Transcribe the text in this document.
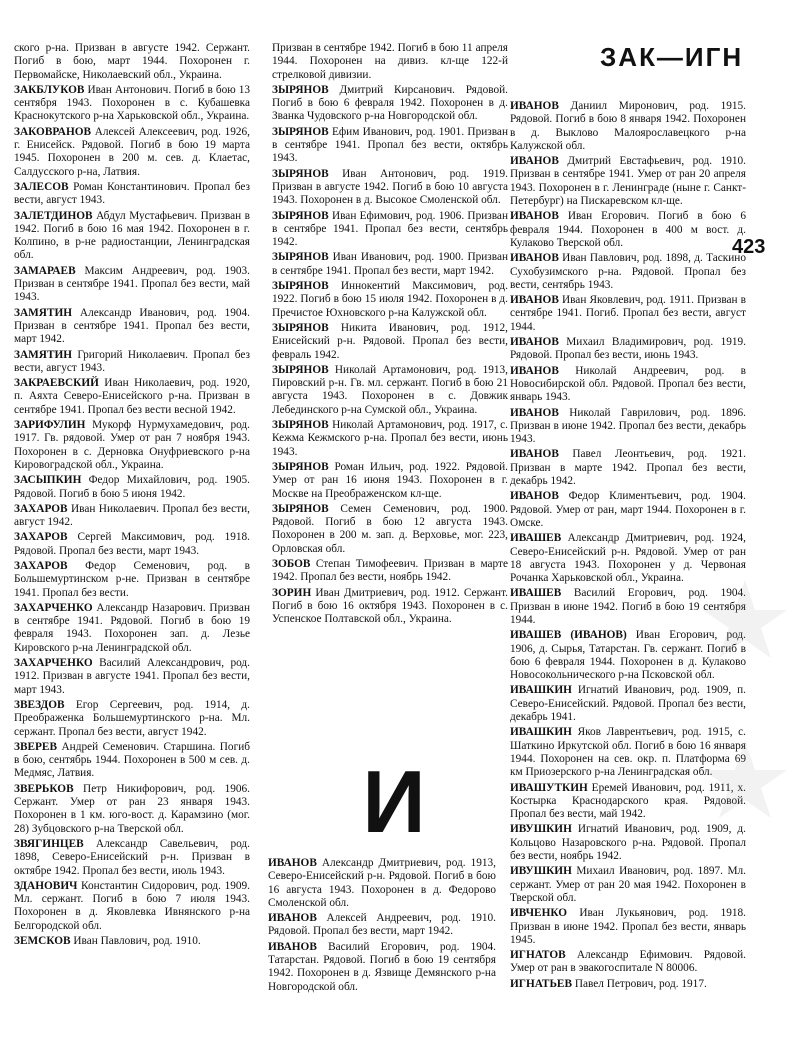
ЗАК—ИГН
423

ского р-на. Призван в августе 1942. Сержант. Погиб в бою, март 1944. Похоронен г. Первомайске, Николаевский обл., Украина.

ЗАКБЛУКОВ Иван Антонович. Погиб в бою 13 сентября 1943. Похоронен в с. Кубашевка Краснокутского р-на Харьковской обл., Украина.

ЗАКОВРАНОВ Алексей Алексеевич, род. 1926, г. Енисейск. Рядовой. Погиб в бою 19 марта 1945. Похоронен в 200 м. сев. д. Клаетас, Салдусского р-на, Латвия.

ЗАЛЕСОВ Роман Константинович. Пропал без вести, август 1943.

ЗАЛЕТДИНОВ Абдул Мустафьевич. Призван в 1942. Погиб в бою 16 мая 1942. Похоронен в г. Колпино, в р-не радиостанции, Ленинградская обл.

ЗАМАРАЕВ Максим Андреевич, род. 1903. Призван в сентябре 1941. Пропал без вести, май 1943.

ЗАМЯТИН Александр Иванович, род. 1904. Призван в сентябре 1941. Пропал без вести, март 1942.

ЗАМЯТИН Григорий Николаевич. Пропал без вести, август 1943.

ЗАКРАЕВСКИЙ Иван Николаевич, род. 1920, п. Аяхта Северо-Енисейского р-на. Призван в сентябре 1941. Пропал без вести весной 1942.

ЗАРИФУЛИН Мукорф Нурмухамедович, род. 1917. Гв. рядовой. Умер от ран 7 ноября 1943. Похоронен в с. Дерновка Онуфриевского р-на Кировоградской обл., Украина.

ЗАСЫПКИН Федор Михайлович, род. 1905. Рядовой. Погиб в бою 5 июня 1942.

ЗАХАРОВ Иван Николаевич. Пропал без вести, август 1942.

ЗАХАРОВ Сергей Максимович, род. 1918. Рядовой. Пропал без вести, март 1943.

ЗАХАРОВ Федор Семенович, род. в Большемуртинском р-не. Призван в сентябре 1941. Пропал без вести.

ЗАХАРЧЕНКО Александр Назарович. Призван в сентябре 1941. Рядовой. Погиб в бою 19 февраля 1943. Похоронен зап. д. Лезье Кировского р-на Ленинградской обл.

ЗАХАРЧЕНКО Василий Александрович, род. 1912. Призван в августе 1941. Пропал без вести, март 1943.

ЗВЕЗДОВ Егор Сергеевич, род. 1914, д. Преображенка Большемуртинского р-на. Мл. сержант. Пропал без вести, август 1942.

ЗВЕРЕВ Андрей Семенович. Старшина. Погиб в бою, сентябрь 1944. Похоронен в 500 м сев. д. Медмяс, Латвия.

ЗВЕРЬКОВ Петр Никифорович, род. 1906. Сержант. Умер от ран 23 января 1943. Похоронен в 1 км. юго-вост. д. Карамзино (мог. 28) Зубцовского р-на Тверской обл.

ЗВЯГИНЦЕВ Александр Савельевич, род. 1898, Северо-Енисейский р-н. Призван в октябре 1942. Пропал без вести, июль 1943.

ЗДАНОВИЧ Константин Сидорович, род. 1909. Мл. сержант. Погиб в бою 7 июля 1943. Похоронен в д. Яковлевка Ивнянского р-на Белгородской обл.

ЗЕМСКОВ Иван Павлович, род. 1910.

Призван в сентябре 1942. Погиб в бою 11 апреля 1944. Похоронен на дивиз. кл-ще 122-й стрелковой дивизии.

ЗЫРЯНОВ Дмитрий Кирсанович. Рядовой. Погиб в бою 6 февраля 1942. Похоронен в д. Званка Чудовского р-на Новгородской обл.

ЗЫРЯНОВ Ефим Иванович, род. 1901. Призван в сентябре 1941. Пропал без вести, октябрь 1943.

ЗЫРЯНОВ Иван Антонович, род. 1919. Призван в августе 1942. Погиб в бою 10 августа 1943. Похоронен в д. Высокое Смоленской обл.

ЗЫРЯНОВ Иван Ефимович, род. 1906. Призван в сентябре 1941. Пропал без вести, сентябрь 1942.

ЗЫРЯНОВ Иван Иванович, род. 1900. Призван в сентябре 1941. Пропал без вести, март 1942.

ЗЫРЯНОВ Иннокентий Максимович, род. 1922. Погиб в бою 15 июля 1942. Похоронен в д. Пречистое Юхновского р-на Калужской обл.

ЗЫРЯНОВ Никита Иванович, род. 1912, Енисейский р-н. Рядовой. Пропал без вести, февраль 1942.

ЗЫРЯНОВ Николай Артамонович, род. 1913, Пировский р-н. Гв. мл. сержант. Погиб в бою 21 августа 1943. Похоронен в с. Довжик Лебединского р-на Сумской обл., Украина.

ЗЫРЯНОВ Николай Артамонович, род. 1917, с. Кежма Кежмского р-на. Пропал без вести, июнь 1943.

ЗЫРЯНОВ Роман Ильич, род. 1922. Рядовой. Умер от ран 16 июня 1943. Похоронен в г. Москве на Преображенском кл-ще.

ЗЫРЯНОВ Семен Семенович, род. 1900. Рядовой. Погиб в бою 12 августа 1943. Похоронен в 200 м. зап. д. Верховье, мог. 223, Орловская обл.

ЗОБОВ Степан Тимофеевич. Призван в марте 1942. Пропал без вести, ноябрь 1942.

ЗОРИН Иван Дмитриевич, род. 1912. Сержант. Погиб в бою 16 октября 1943. Похоронен в с. Успенское Полтавской обл., Украина.

ИВАНОВ Александр Дмитриевич, род. 1913, Северо-Енисейский р-н. Рядовой. Погиб в бою 16 августа 1943. Похоронен в д. Федорово Смоленской обл.

ИВАНОВ Алексей Андреевич, род. 1910. Рядовой. Пропал без вести, март 1942.

ИВАНОВ Василий Егорович, род. 1904. Татарстан. Рядовой. Погиб в бою 19 сентября 1942. Похоронен в д. Язвище Демянского р-на Новгородской обл.

ИВАНОВ Даниил Миронович, род. 1915. Рядовой. Погиб в бою 8 января 1942. Похоронен в д. Выклово Малоярославецкого р-на Калужской обл.

ИВАНОВ Дмитрий Евстафьевич, род. 1910. Призван в сентябре 1941. Умер от ран 20 апреля 1943. Похоронен в г. Ленинграде (ныне г. Санкт-Петербург) на Пискаревском кл-ще.

ИВАНОВ Иван Егорович. Погиб в бою 6 февраля 1944. Похоронен в 400 м вост. д. Кулаково Тверской обл.

ИВАНОВ Иван Павлович, род. 1898, д. Таскино Сухобузимского р-на. Рядовой. Пропал без вести, сентябрь 1943.

ИВАНОВ Иван Яковлевич, род. 1911. Призван в сентябре 1941. Погиб. Пропал без вести, август 1944.

ИВАНОВ Михаил Владимирович, род. 1919. Рядовой. Пропал без вести, июнь 1943.

ИВАНОВ Николай Андреевич, род. в Новосибирской обл. Рядовой. Пропал без вести, январь 1943.

ИВАНОВ Николай Гаврилович, род. 1896. Призван в июне 1942. Пропал без вести, декабрь 1943.

ИВАНОВ Павел Леонтьевич, род. 1921. Призван в марте 1942. Пропал без вести, декабрь 1942.

ИВАНОВ Федор Климентьевич, род. 1904. Рядовой. Умер от ран, март 1944. Похоронен в г. Омске.

ИВАШЕВ Александр Дмитриевич, род. 1924, Северо-Енисейский р-н. Рядовой. Умер от ран 18 августа 1943. Похоронен у д. Червоная Рочанка Харьковской обл., Украина.

ИВАШЕВ Василий Егорович, род. 1904. Призван в июне 1942. Погиб в бою 19 сентября 1944.

ИВАШЕВ (ИВАНОВ) Иван Егорович, род. 1906, д. Сырья, Татарстан. Гв. сержант. Погиб в бою 6 февраля 1944. Похоронен в д. Кулаково Новосокольнического р-на Псковской обл.

ИВАШКИН Игнатий Иванович, род. 1909, п. Северо-Енисейский. Рядовой. Пропал без вести, декабрь 1941.

ИВАШКИН Яков Лаврентьевич, род. 1915, с. Шаткино Иркутской обл. Погиб в бою 16 января 1944. Похоронен на сев. окр. п. Платформа 69 км Приозерского р-на Ленинградская обл.

ИВАШУТКИН Еремей Иванович, род. 1911, х. Костырка Краснодарского края. Рядовой. Пропал без вести, май 1942.

ИВУШКИН Игнатий Иванович, род. 1909, д. Кольцово Назаровского р-на. Рядовой. Пропал без вести, ноябрь 1942.

ИВУШКИН Михаил Иванович, род. 1897. Мл. сержант. Умер от ран 20 мая 1942. Похоронен в Тверской обл.

ИВЧЕНКО Иван Лукьянович, род. 1918. Призван в июне 1942. Пропал без вести, январь 1945.

ИГНАТОВ Александр Ефимович. Рядовой. Умер от ран в эвакогоспитале N 80006.

ИГНАТЬЕВ Павел Петрович, род. 1917.

И
